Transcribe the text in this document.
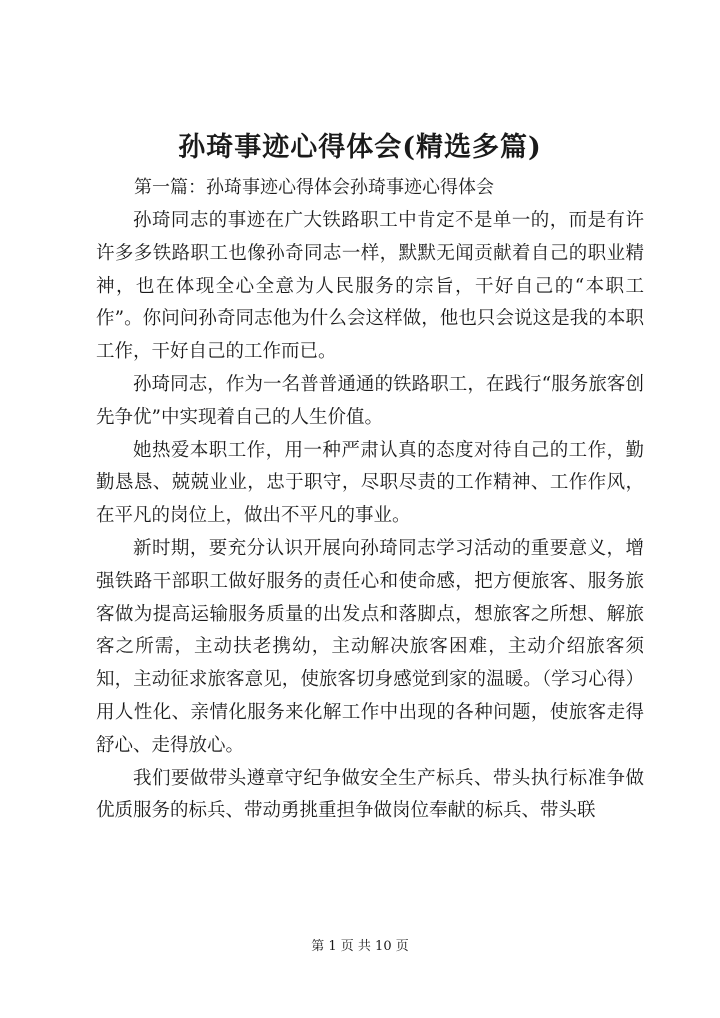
孙琦事迹心得体会(精选多篇)
第一篇：孙琦事迹心得体会孙琦事迹心得体会

孙琦同志的事迹在广大铁路职工中肯定不是单一的，而是有许许多多铁路职工也像孙奇同志一样，默默无闻贡献着自己的职业精神，也在体现全心全意为人民服务的宗旨，干好自己的“本职工作”。你问问孙奇同志他为什么会这样做，他也只会说这是我的本职工作，干好自己的工作而已。

孙琦同志，作为一名普普通通的铁路职工，在践行“服务旅客创先争优”中实现着自己的人生价值。

她热爱本职工作，用一种严肃认真的态度对待自己的工作，勤勤恳恳、兢兢业业，忠于职守，尽职尽责的工作精神、工作作风，在平凡的岗位上，做出不平凡的事业。

新时期，要充分认识开展向孙琦同志学习活动的重要意义，增强铁路干部职工做好服务的责任心和使命感，把方便旅客、服务旅客做为提高运输服务质量的出发点和落脚点，想旅客之所想、解旅客之所需，主动扶老携幼，主动解决旅客困难，主动介绍旅客须知，主动征求旅客意见，使旅客切身感觉到家的温暖。（学习心得）用人性化、亲情化服务来化解工作中出现的各种问题，使旅客走得舒心、走得放心。

我们要做带头遵章守纪争做安全生产标兵、带头执行标准争做优质服务的标兵、带动勇挑重担争做岗位奉献的标兵、带头联

第 1 页 共 10 页
